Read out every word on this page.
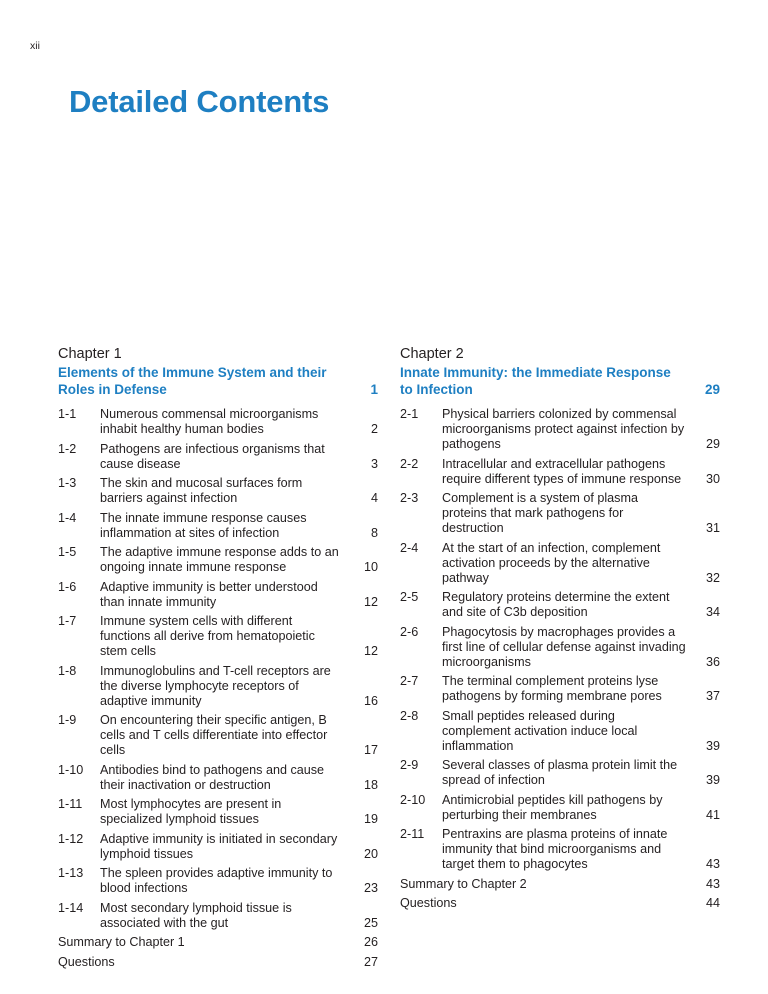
xii
Detailed Contents
Chapter 1
Elements of the Immune System and their Roles in Defense	1
1-1 Numerous commensal microorganisms inhabit healthy human bodies	2
1-2 Pathogens are infectious organisms that cause disease	3
1-3 The skin and mucosal surfaces form barriers against infection	4
1-4 The innate immune response causes inflammation at sites of infection	8
1-5 The adaptive immune response adds to an ongoing innate immune response	10
1-6 Adaptive immunity is better understood than innate immunity	12
1-7 Immune system cells with different functions all derive from hematopoietic stem cells	12
1-8 Immunoglobulins and T-cell receptors are the diverse lymphocyte receptors of adaptive immunity	16
1-9 On encountering their specific antigen, B cells and T cells differentiate into effector cells	17
1-10 Antibodies bind to pathogens and cause their inactivation or destruction	18
1-11 Most lymphocytes are present in specialized lymphoid tissues	19
1-12 Adaptive immunity is initiated in secondary lymphoid tissues	20
1-13 The spleen provides adaptive immunity to blood infections	23
1-14 Most secondary lymphoid tissue is associated with the gut	25
Summary to Chapter 1	26
Questions	27
Chapter 2
Innate Immunity: the Immediate Response to Infection	29
2-1 Physical barriers colonized by commensal microorganisms protect against infection by pathogens	29
2-2 Intracellular and extracellular pathogens require different types of immune response 30
2-3 Complement is a system of plasma proteins that mark pathogens for destruction	31
2-4 At the start of an infection, complement activation proceeds by the alternative pathway	32
2-5 Regulatory proteins determine the extent and site of C3b deposition	34
2-6 Phagocytosis by macrophages provides a first line of cellular defense against invading microorganisms	36
2-7 The terminal complement proteins lyse pathogens by forming membrane pores	37
2-8 Small peptides released during complement activation induce local inflammation	39
2-9 Several classes of plasma protein limit the spread of infection	39
2-10 Antimicrobial peptides kill pathogens by perturbing their membranes	41
2-11 Pentraxins are plasma proteins of innate immunity that bind microorganisms and target them to phagocytes	43
Summary to Chapter 2	43
Questions	44
